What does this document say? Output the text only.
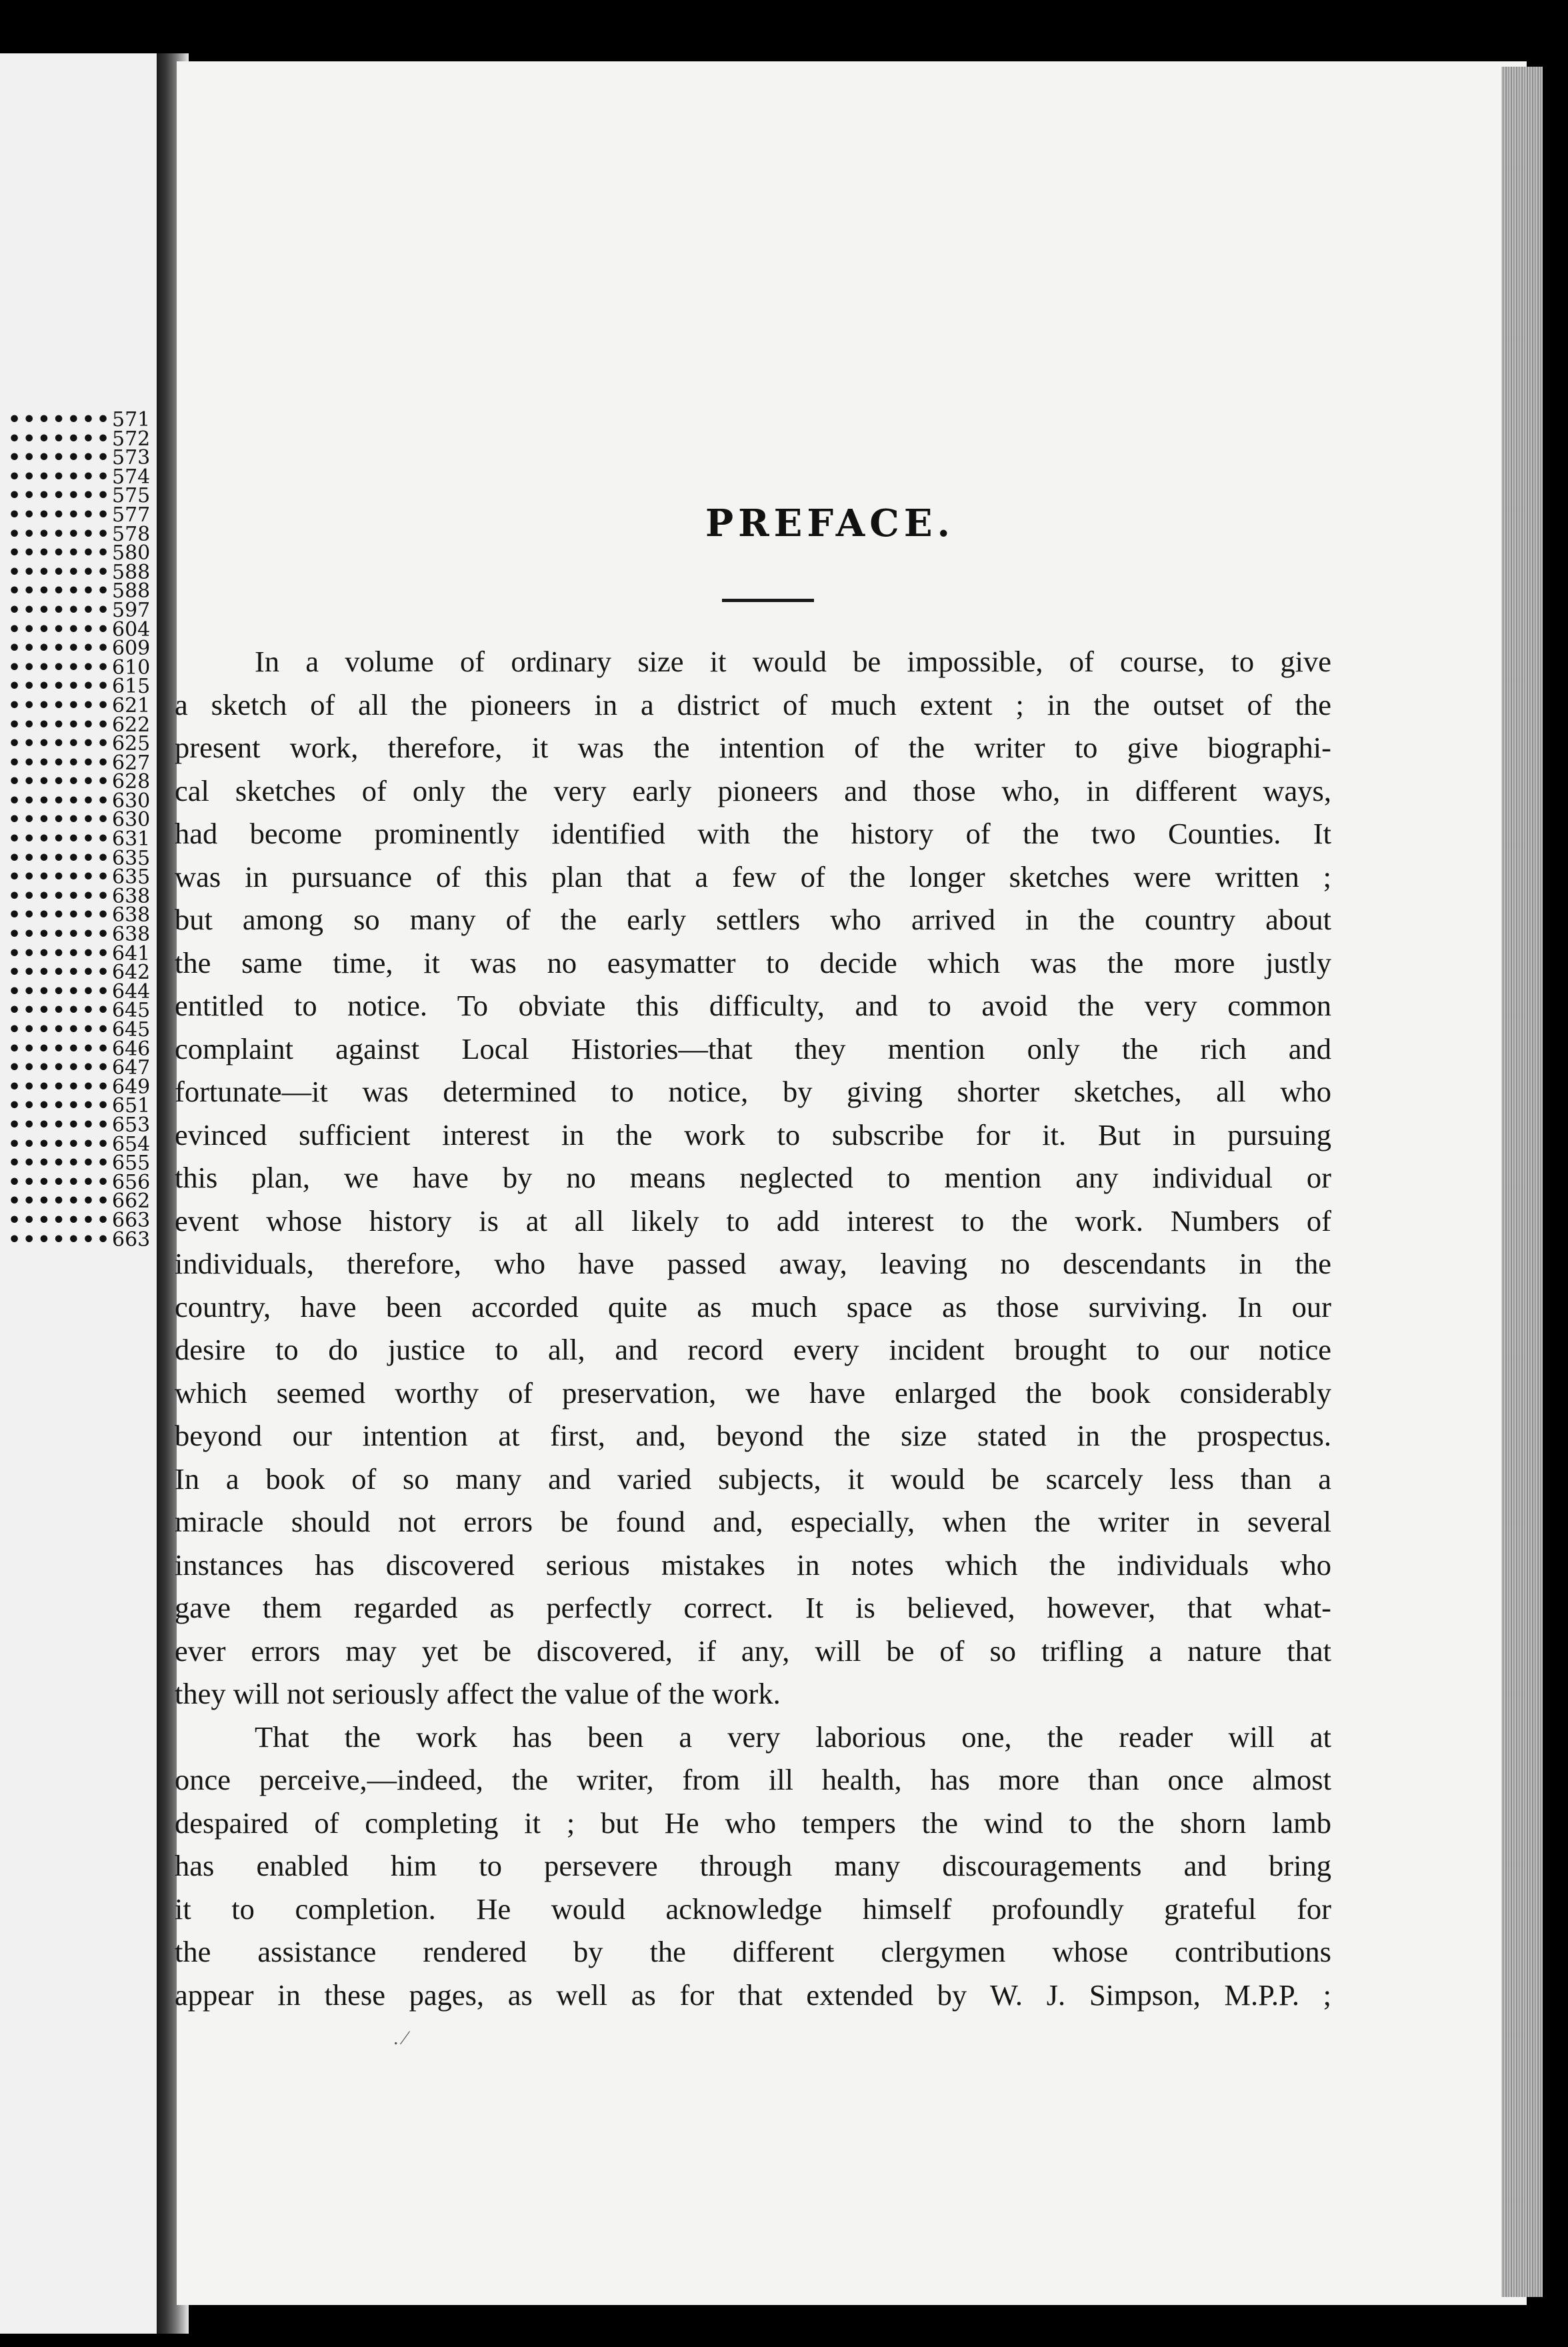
••••••• 571
••••••• 572
••••••• 573
••••••• 574
••••••• 575
••••••• 577
••••••• 578
••••••• 580
••••••• 588
••••••• 588
••••••• 597
••••••• 604
••••••• 609
••••••• 610
••••••• 615
••••••• 621
••••••• 622
••••••• 625
••••••• 627
••••••• 628
••••••• 630
••••••• 630
••••••• 631
••••••• 635
••••••• 635
••••••• 638
••••••• 638
••••••• 638
••••••• 641
••••••• 642
••••••• 644
••••••• 645
••••••• 645
••••••• 646
••••••• 647
••••••• 649
••••••• 651
••••••• 653
••••••• 654
••••••• 655
••••••• 656
••••••• 662
••••••• 663
••••••• 663
PREFACE.
In a volume of ordinary size it would be impossible, of course, to give
a sketch of all the pioneers in a district of much extent ; in the outset of the
present work, therefore, it was the intention of the writer to give biographi-
cal sketches of only the very early pioneers and those who, in different ways,
had become prominently identified with the history of the two Counties. It
was in pursuance of this plan that a few of the longer sketches were written ;
but among so many of the early settlers who arrived in the country about
the same time, it was no easymatter to decide which was the more justly
entitled to notice. To obviate this difficulty, and to avoid the very common
complaint against Local Histories—that they mention only the rich and
fortunate—it was determined to notice, by giving shorter sketches, all who
evinced sufficient interest in the work to subscribe for it. But in pursuing
this plan, we have by no means neglected to mention any individual or
event whose history is at all likely to add interest to the work. Numbers of
individuals, therefore, who have passed away, leaving no descendants in the
country, have been accorded quite as much space as those surviving. In our
desire to do justice to all, and record every incident brought to our notice
which seemed worthy of preservation, we have enlarged the book considerably
beyond our intention at first, and, beyond the size stated in the prospectus.
In a book of so many and varied subjects, it would be scarcely less than a
miracle should not errors be found and, especially, when the writer in several
instances has discovered serious mistakes in notes which the individuals who
gave them regarded as perfectly correct. It is believed, however, that what-
ever errors may yet be discovered, if any, will be of so trifling a nature that
they will not seriously affect the value of the work.
That the work has been a very laborious one, the reader will at
once perceive,—indeed, the writer, from ill health, has more than once almost
despaired of completing it ; but He who tempers the wind to the shorn lamb
has enabled him to persevere through many discouragements and bring
it to completion. He would acknowledge himself profoundly grateful for
the assistance rendered by the different clergymen whose contributions
appear in these pages, as well as for that extended by W. J. Simpson, M.P.P. ;
. ⁄
